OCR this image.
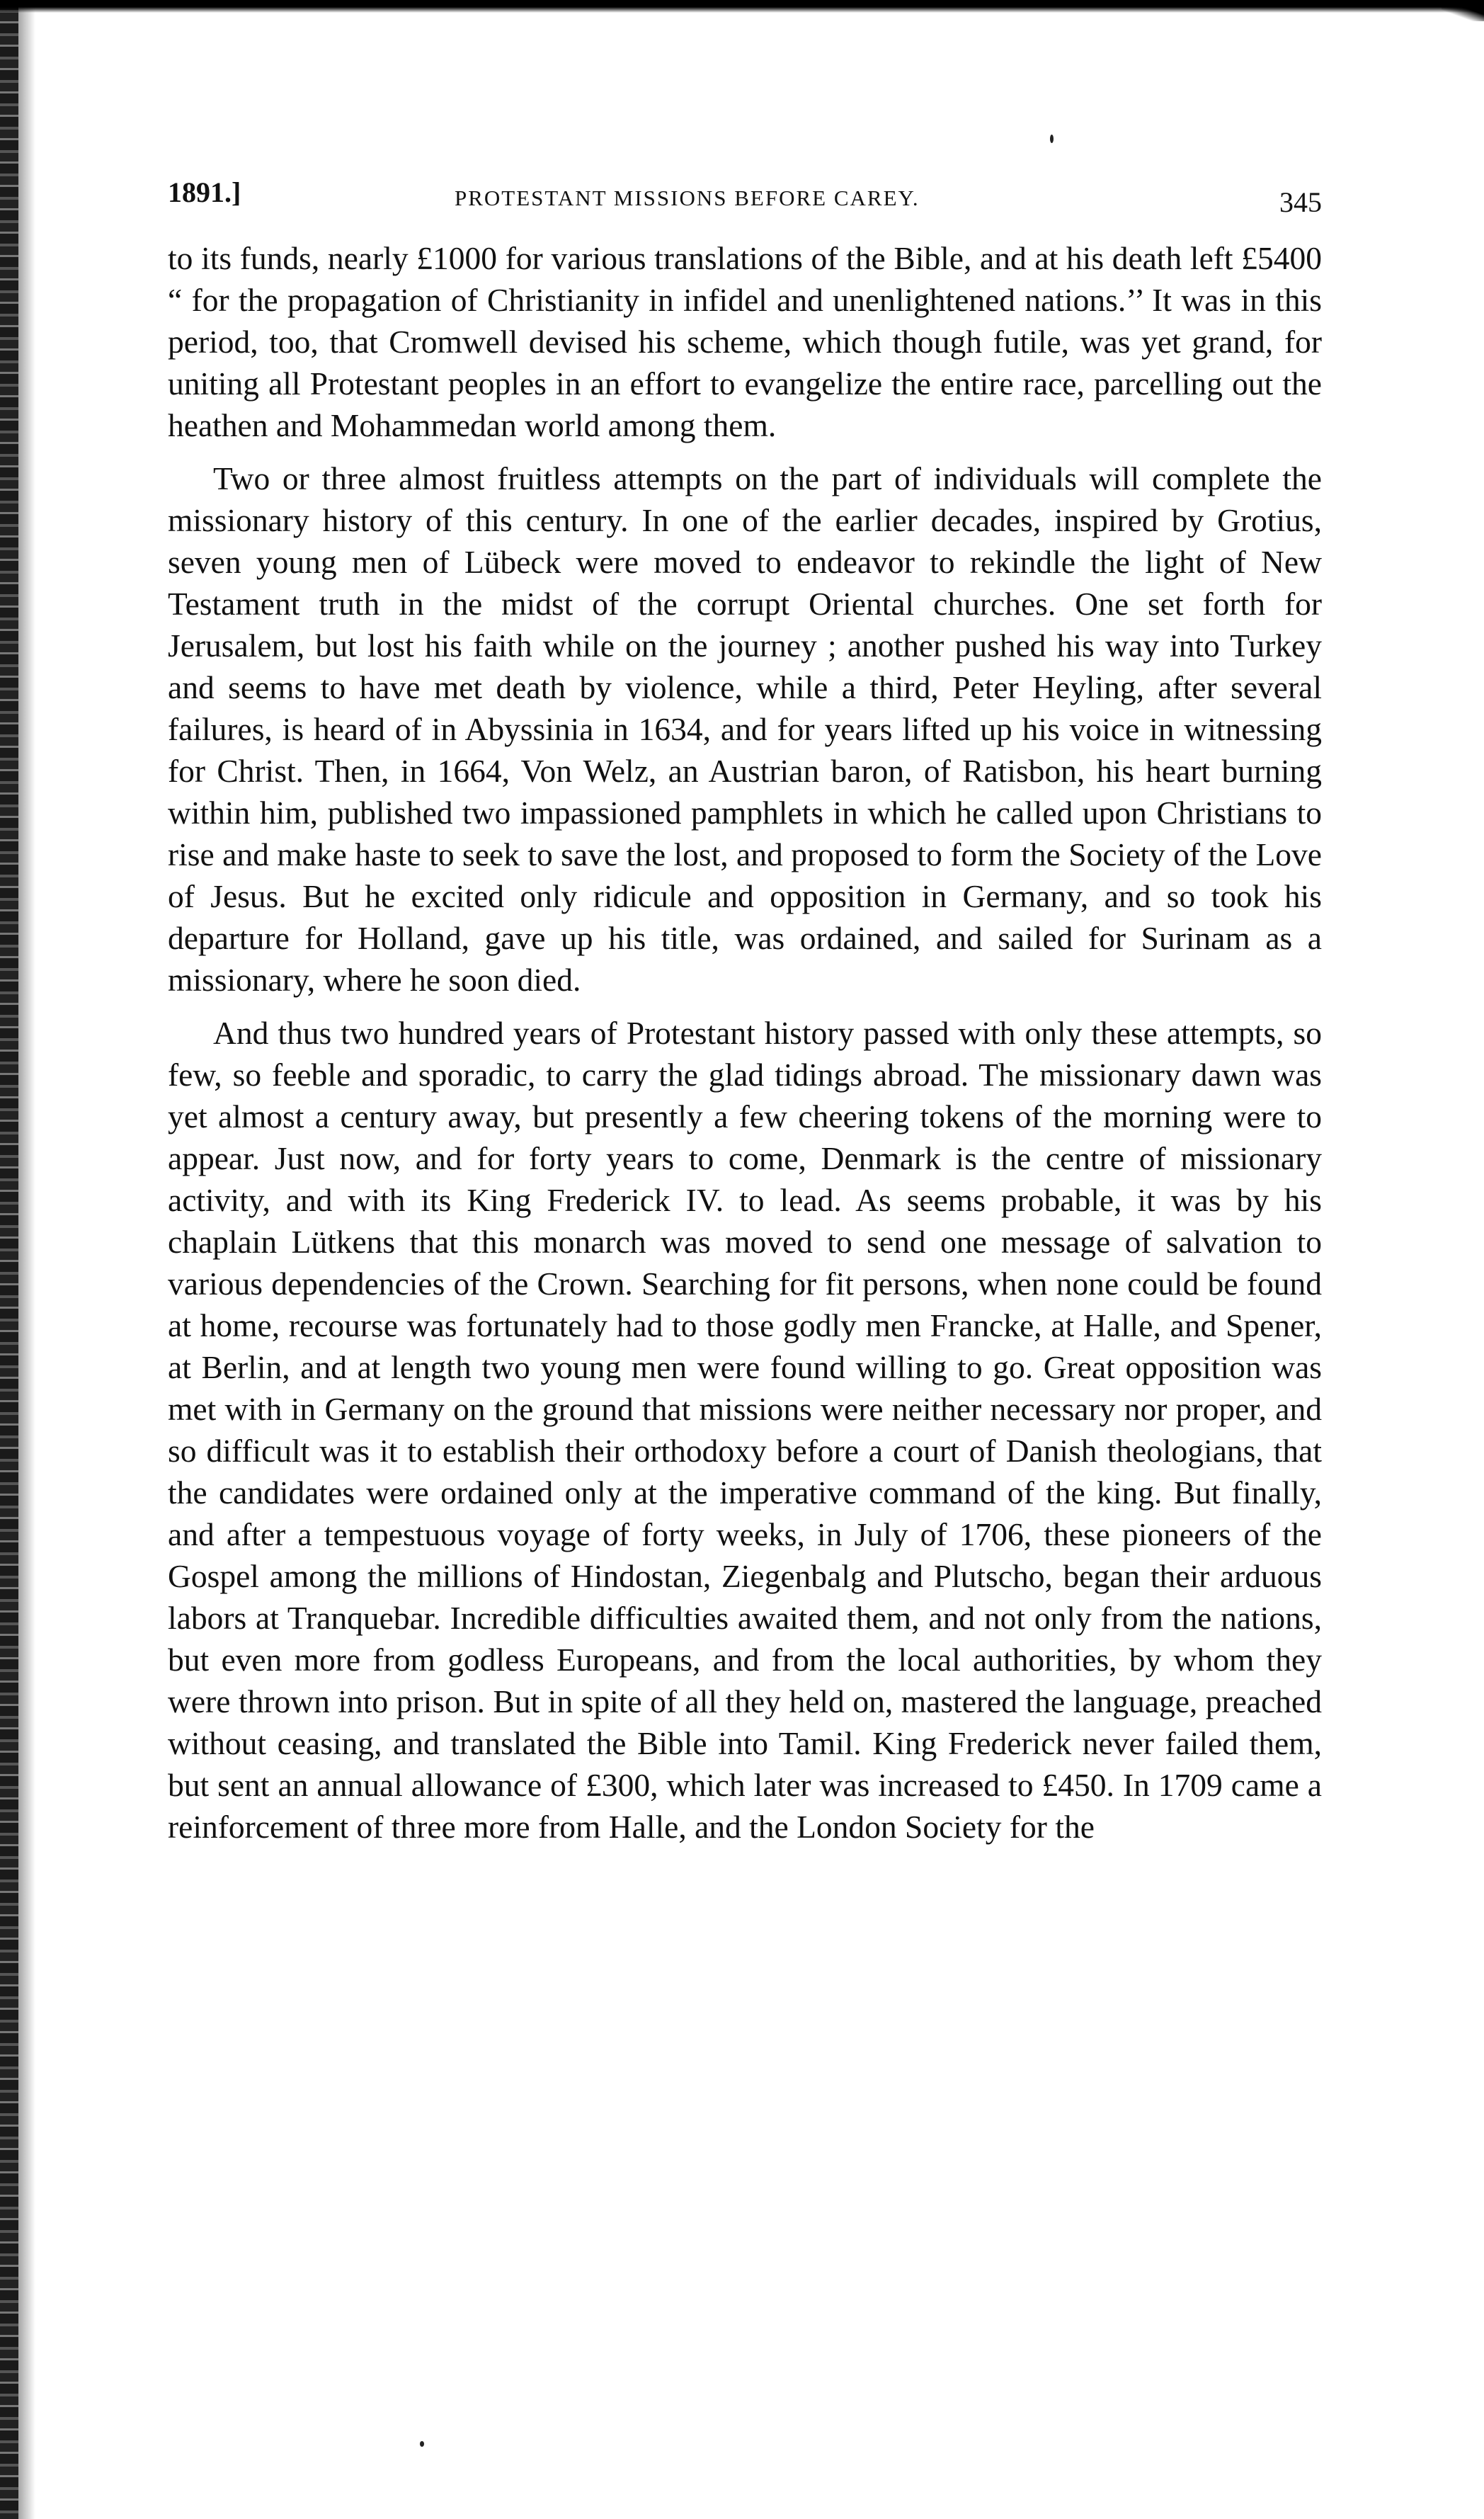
1891.]	PROTESTANT MISSIONS BEFORE CAREY.	345

to its funds, nearly £1000 for various translations of the Bible, and at his death left £5400 “ for the propagation of Christianity in infidel and unenlightened nations.’’ It was in this period, too, that Cromwell devised his scheme, which though futile, was yet grand, for uniting all Protestant peoples in an effort to evangelize the entire race, parcelling out the heathen and Mohammedan world among them.

Two or three almost fruitless attempts on the part of individuals will complete the missionary history of this century. In one of the earlier decades, inspired by Grotius, seven young men of Lübeck were moved to endeavor to rekindle the light of New Testament truth in the midst of the corrupt Oriental churches. One set forth for Jerusalem, but lost his faith while on the journey ; another pushed his way into Turkey and seems to have met death by violence, while a third, Peter Heyling, after several failures, is heard of in Abyssinia in 1634, and for years lifted up his voice in witnessing for Christ. Then, in 1664, Von Welz, an Austrian baron, of Ratisbon, his heart burning within him, published two impassioned pamphlets in which he called upon Christians to rise and make haste to seek to save the lost, and proposed to form the Society of the Love of Jesus. But he excited only ridicule and opposition in Germany, and so took his departure for Holland, gave up his title, was ordained, and sailed for Surinam as a missionary, where he soon died.

And thus two hundred years of Protestant history passed with only these attempts, so few, so feeble and sporadic, to carry the glad tidings abroad. The missionary dawn was yet almost a century away, but presently a few cheering tokens of the morning were to appear. Just now, and for forty years to come, Denmark is the centre of missionary activity, and with its King Frederick IV. to lead. As seems probable, it was by his chaplain Lütkens that this monarch was moved to send one message of salvation to various dependencies of the Crown. Searching for fit persons, when none could be found at home, recourse was fortunately had to those godly men Francke, at Halle, and Spener, at Berlin, and at length two young men were found willing to go. Great opposition was met with in Germany on the ground that missions were neither necessary nor proper, and so difficult was it to establish their orthodoxy before a court of Danish theologians, that the candidates were ordained only at the imperative command of the king. But finally, and after a tempestuous voyage of forty weeks, in July of 1706, these pioneers of the Gospel among the millions of Hindostan, Ziegenbalg and Plutscho, began their arduous labors at Tranquebar. Incredible difficulties awaited them, and not only from the nations, but even more from godless Europeans, and from the local authorities, by whom they were thrown into prison. But in spite of all they held on, mastered the language, preached without ceasing, and translated the Bible into Tamil. King Frederick never failed them, but sent an annual allowance of £300, which later was increased to £450. In 1709 came a reinforcement of three more from Halle, and the London Society for the
